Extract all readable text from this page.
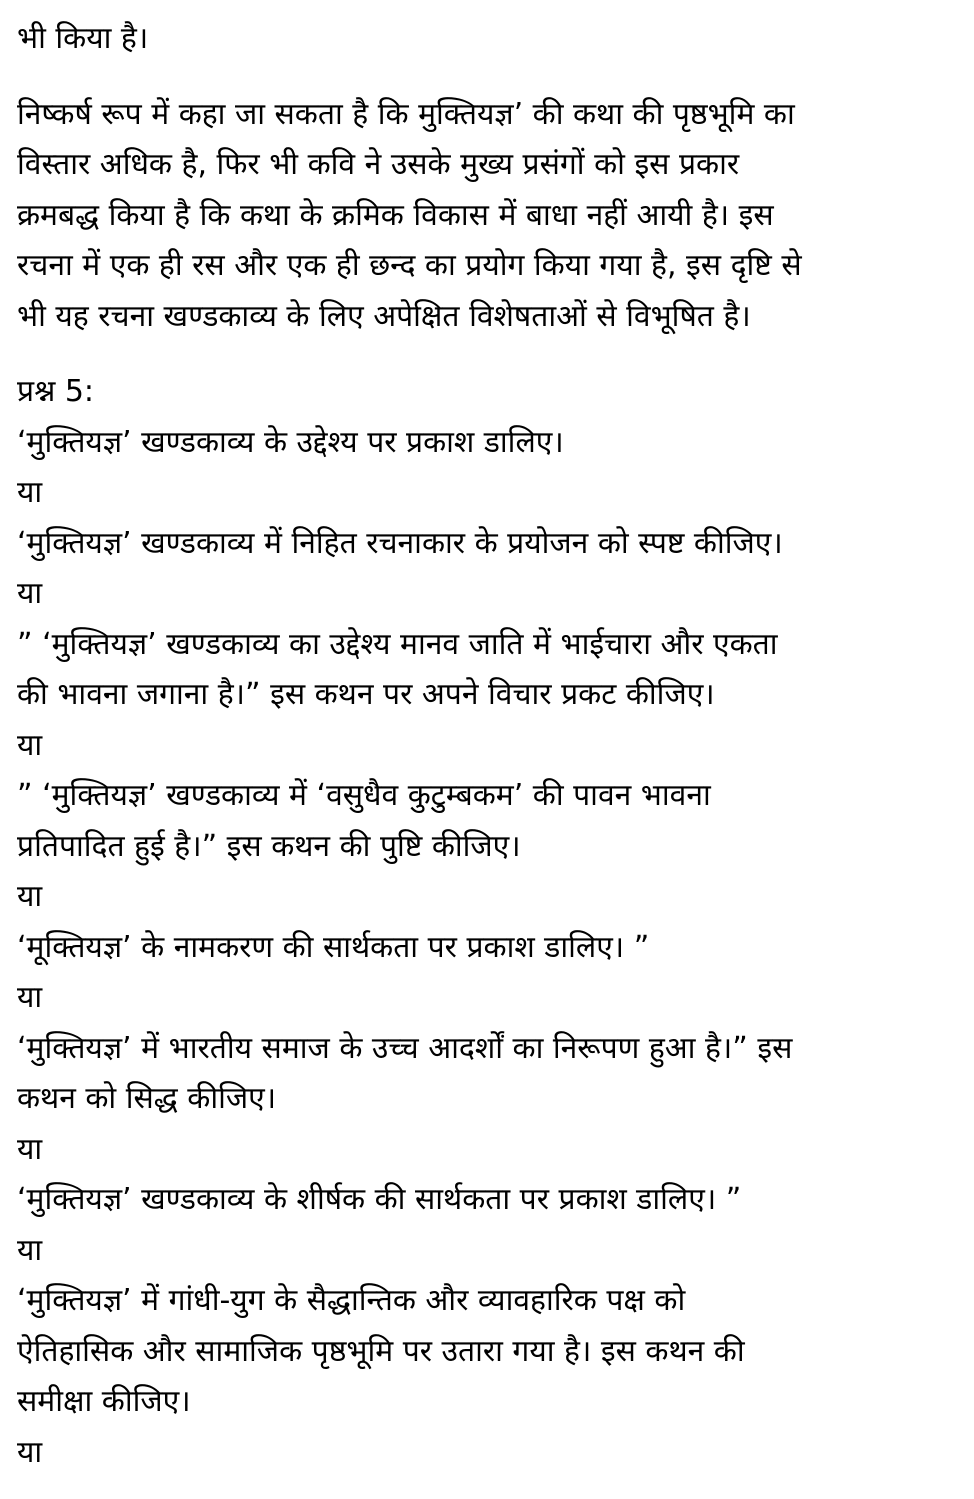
भी किया है।
निष्कर्ष रूप में कहा जा सकता है कि मुक्तियज्ञ’ की कथा की पृष्ठभूमि का
विस्तार अधिक है, फिर भी कवि ने उसके मुख्य प्रसंगों को इस प्रकार
क्रमबद्ध किया है कि कथा के क्रमिक विकास में बाधा नहीं आयी है। इस
रचना में एक ही रस और एक ही छन्द का प्रयोग किया गया है, इस दृष्टि से
भी यह रचना खण्डकाव्य के लिए अपेक्षित विशेषताओं से विभूषित है।
प्रश्न 5:
‘मुक्तियज्ञ’ खण्डकाव्य के उद्देश्य पर प्रकाश डालिए।
या
‘मुक्तियज्ञ’ खण्डकाव्य में निहित रचनाकार के प्रयोजन को स्पष्ट कीजिए।
या
” ‘मुक्तियज्ञ’ खण्डकाव्य का उद्देश्य मानव जाति में भाईचारा और एकता
की भावना जगाना है।” इस कथन पर अपने विचार प्रकट कीजिए।
या
” ‘मुक्तियज्ञ’ खण्डकाव्य में ‘वसुधैव कुटुम्बकम’ की पावन भावना
प्रतिपादित हुई है।” इस कथन की पुष्टि कीजिए।
या
‘मूक्तियज्ञ’ के नामकरण की सार्थकता पर प्रकाश डालिए। ”
या
‘मुक्तियज्ञ’ में भारतीय समाज के उच्च आदर्शों का निरूपण हुआ है।” इस
कथन को सिद्ध कीजिए।
या
‘मुक्तियज्ञ’ खण्डकाव्य के शीर्षक की सार्थकता पर प्रकाश डालिए। ”
या
‘मुक्तियज्ञ’ में गांधी-युग के सैद्धान्तिक और व्यावहारिक पक्ष को
ऐतिहासिक और सामाजिक पृष्ठभूमि पर उतारा गया है। इस कथन की
समीक्षा कीजिए।
या
